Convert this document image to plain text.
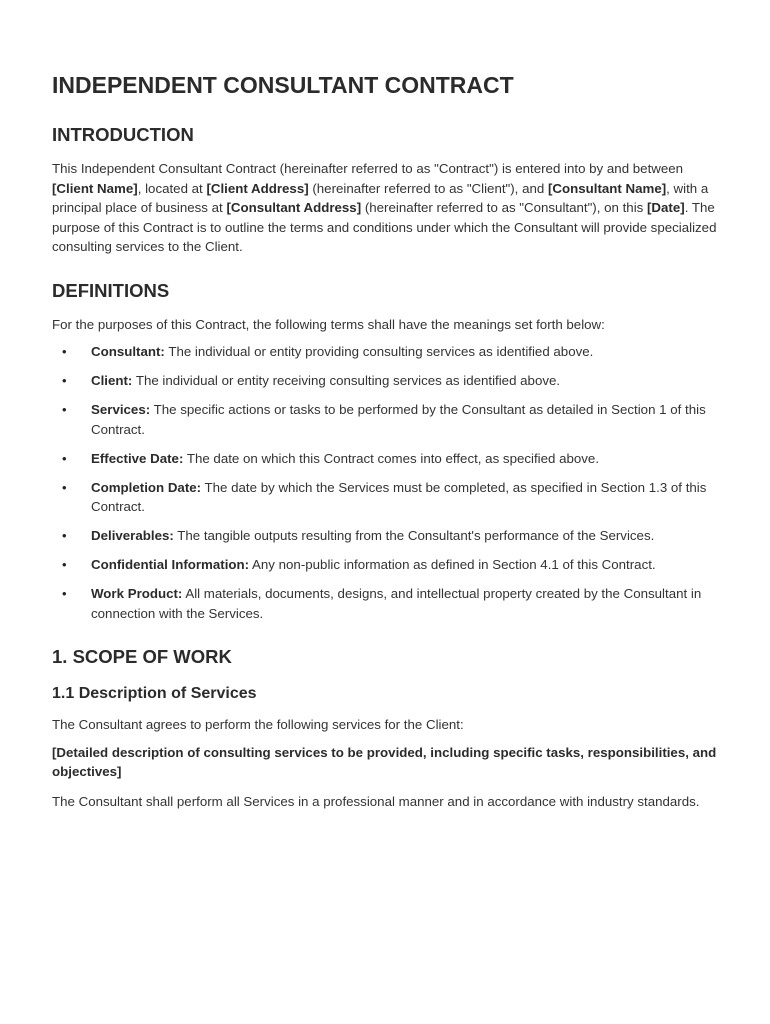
INDEPENDENT CONSULTANT CONTRACT
INTRODUCTION

This Independent Consultant Contract (hereinafter referred to as "Contract") is entered into by and between [Client Name], located at [Client Address] (hereinafter referred to as "Client"), and [Consultant Name], with a principal place of business at [Consultant Address] (hereinafter referred to as "Consultant"), on this [Date]. The purpose of this Contract is to outline the terms and conditions under which the Consultant will provide specialized consulting services to the Client.

DEFINITIONS

For the purposes of this Contract, the following terms shall have the meanings set forth below:

• Consultant: The individual or entity providing consulting services as identified above.
• Client: The individual or entity receiving consulting services as identified above.
• Services: The specific actions or tasks to be performed by the Consultant as detailed in Section 1 of this Contract.
• Effective Date: The date on which this Contract comes into effect, as specified above.
• Completion Date: The date by which the Services must be completed, as specified in Section 1.3 of this Contract.
• Deliverables: The tangible outputs resulting from the Consultant's performance of the Services.
• Confidential Information: Any non-public information as defined in Section 4.1 of this Contract.
• Work Product: All materials, documents, designs, and intellectual property created by the Consultant in connection with the Services.
1. SCOPE OF WORK
1.1 Description of Services

The Consultant agrees to perform the following services for the Client:

[Detailed description of consulting services to be provided, including specific tasks, responsibilities, and objectives]

The Consultant shall perform all Services in a professional manner and in accordance with industry standards.
